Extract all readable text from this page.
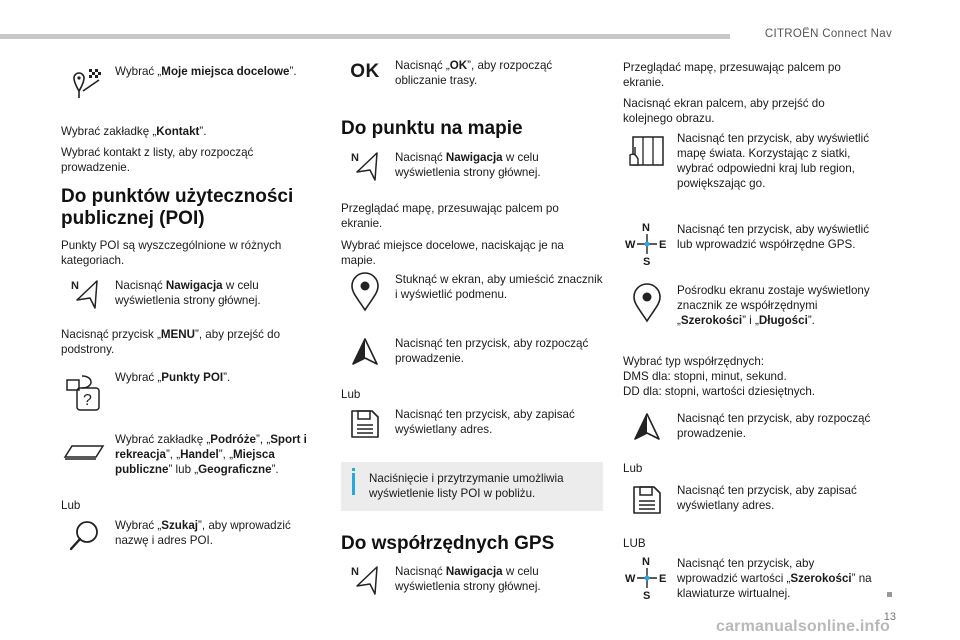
CITROËN Connect Nav
Wybrać „Moje miejsca docelowe”.

Wybrać zakładkę „Kontakt”.

Wybrać kontakt z listy, aby rozpocząć prowadzenie.

Do punktów użyteczności publicznej (POI)

Punkty POI są wyszczególnione w różnych kategoriach.

N	Nacisnąć Nawigacja w celu wyświetlenia strony głównej.

Nacisnąć przycisk „MENU”, aby przejść do podstrony.

?
Wybrać „Punkty POI”.
Wybrać zakładkę „Podróże”, „Sport i rekreacja”, „Handel”, „Miejsca publiczne” lub „Geograficzne”.

Lub

Wybrać „Szukaj”, aby wprowadzić nazwę i adres POI.
OK	Nacisnąć „OK”, aby rozpocząć obliczanie trasy.
Do punktu na mapie
N	Nacisnąć Nawigacja w celu wyświetlenia strony głównej.

Przeglądać mapę, przesuwając palcem po ekranie.

Wybrać miejsce docelowe, naciskając je na mapie.

Stuknąć w ekran, aby umieścić znacznik i wyświetlić podmenu.
Nacisnąć ten przycisk, aby rozpocząć prowadzenie.

Lub

Nacisnąć ten przycisk, aby zapisać wyświetlany adres.
Naciśnięcie i przytrzymanie umożliwia wyświetlenie listy POI w pobliżu.
Do współrzędnych GPS
N	Nacisnąć Nawigacja w celu wyświetlenia strony głównej.

Przeglądać mapę, przesuwając palcem po ekranie.

Nacisnąć ekran palcem, aby przejść do kolejnego obrazu.

Nacisnąć ten przycisk, aby wyświetlić mapę świata. Korzystając z siatki, wybrać odpowiedni kraj lub region, powiększając go.
N
W E
S
Nacisnąć ten przycisk, aby wyświetlić lub wprowadzić współrzędne GPS.
Pośrodku ekranu zostaje wyświetlony znacznik ze współrzędnymi „Szerokości” i „Długości”.

Wybrać typ współrzędnych:

DMS dla: stopni, minut, sekund.

DD dla: stopni, wartości dziesiętnych.

Nacisnąć ten przycisk, aby rozpocząć prowadzenie.

Lub

Nacisnąć ten przycisk, aby zapisać wyświetlany adres.

LUB

N
W E
S
Nacisnąć ten przycisk, aby wprowadzić wartości „Szerokości” na klawiaturze wirtualnej.
13
carmanualsonline.info
